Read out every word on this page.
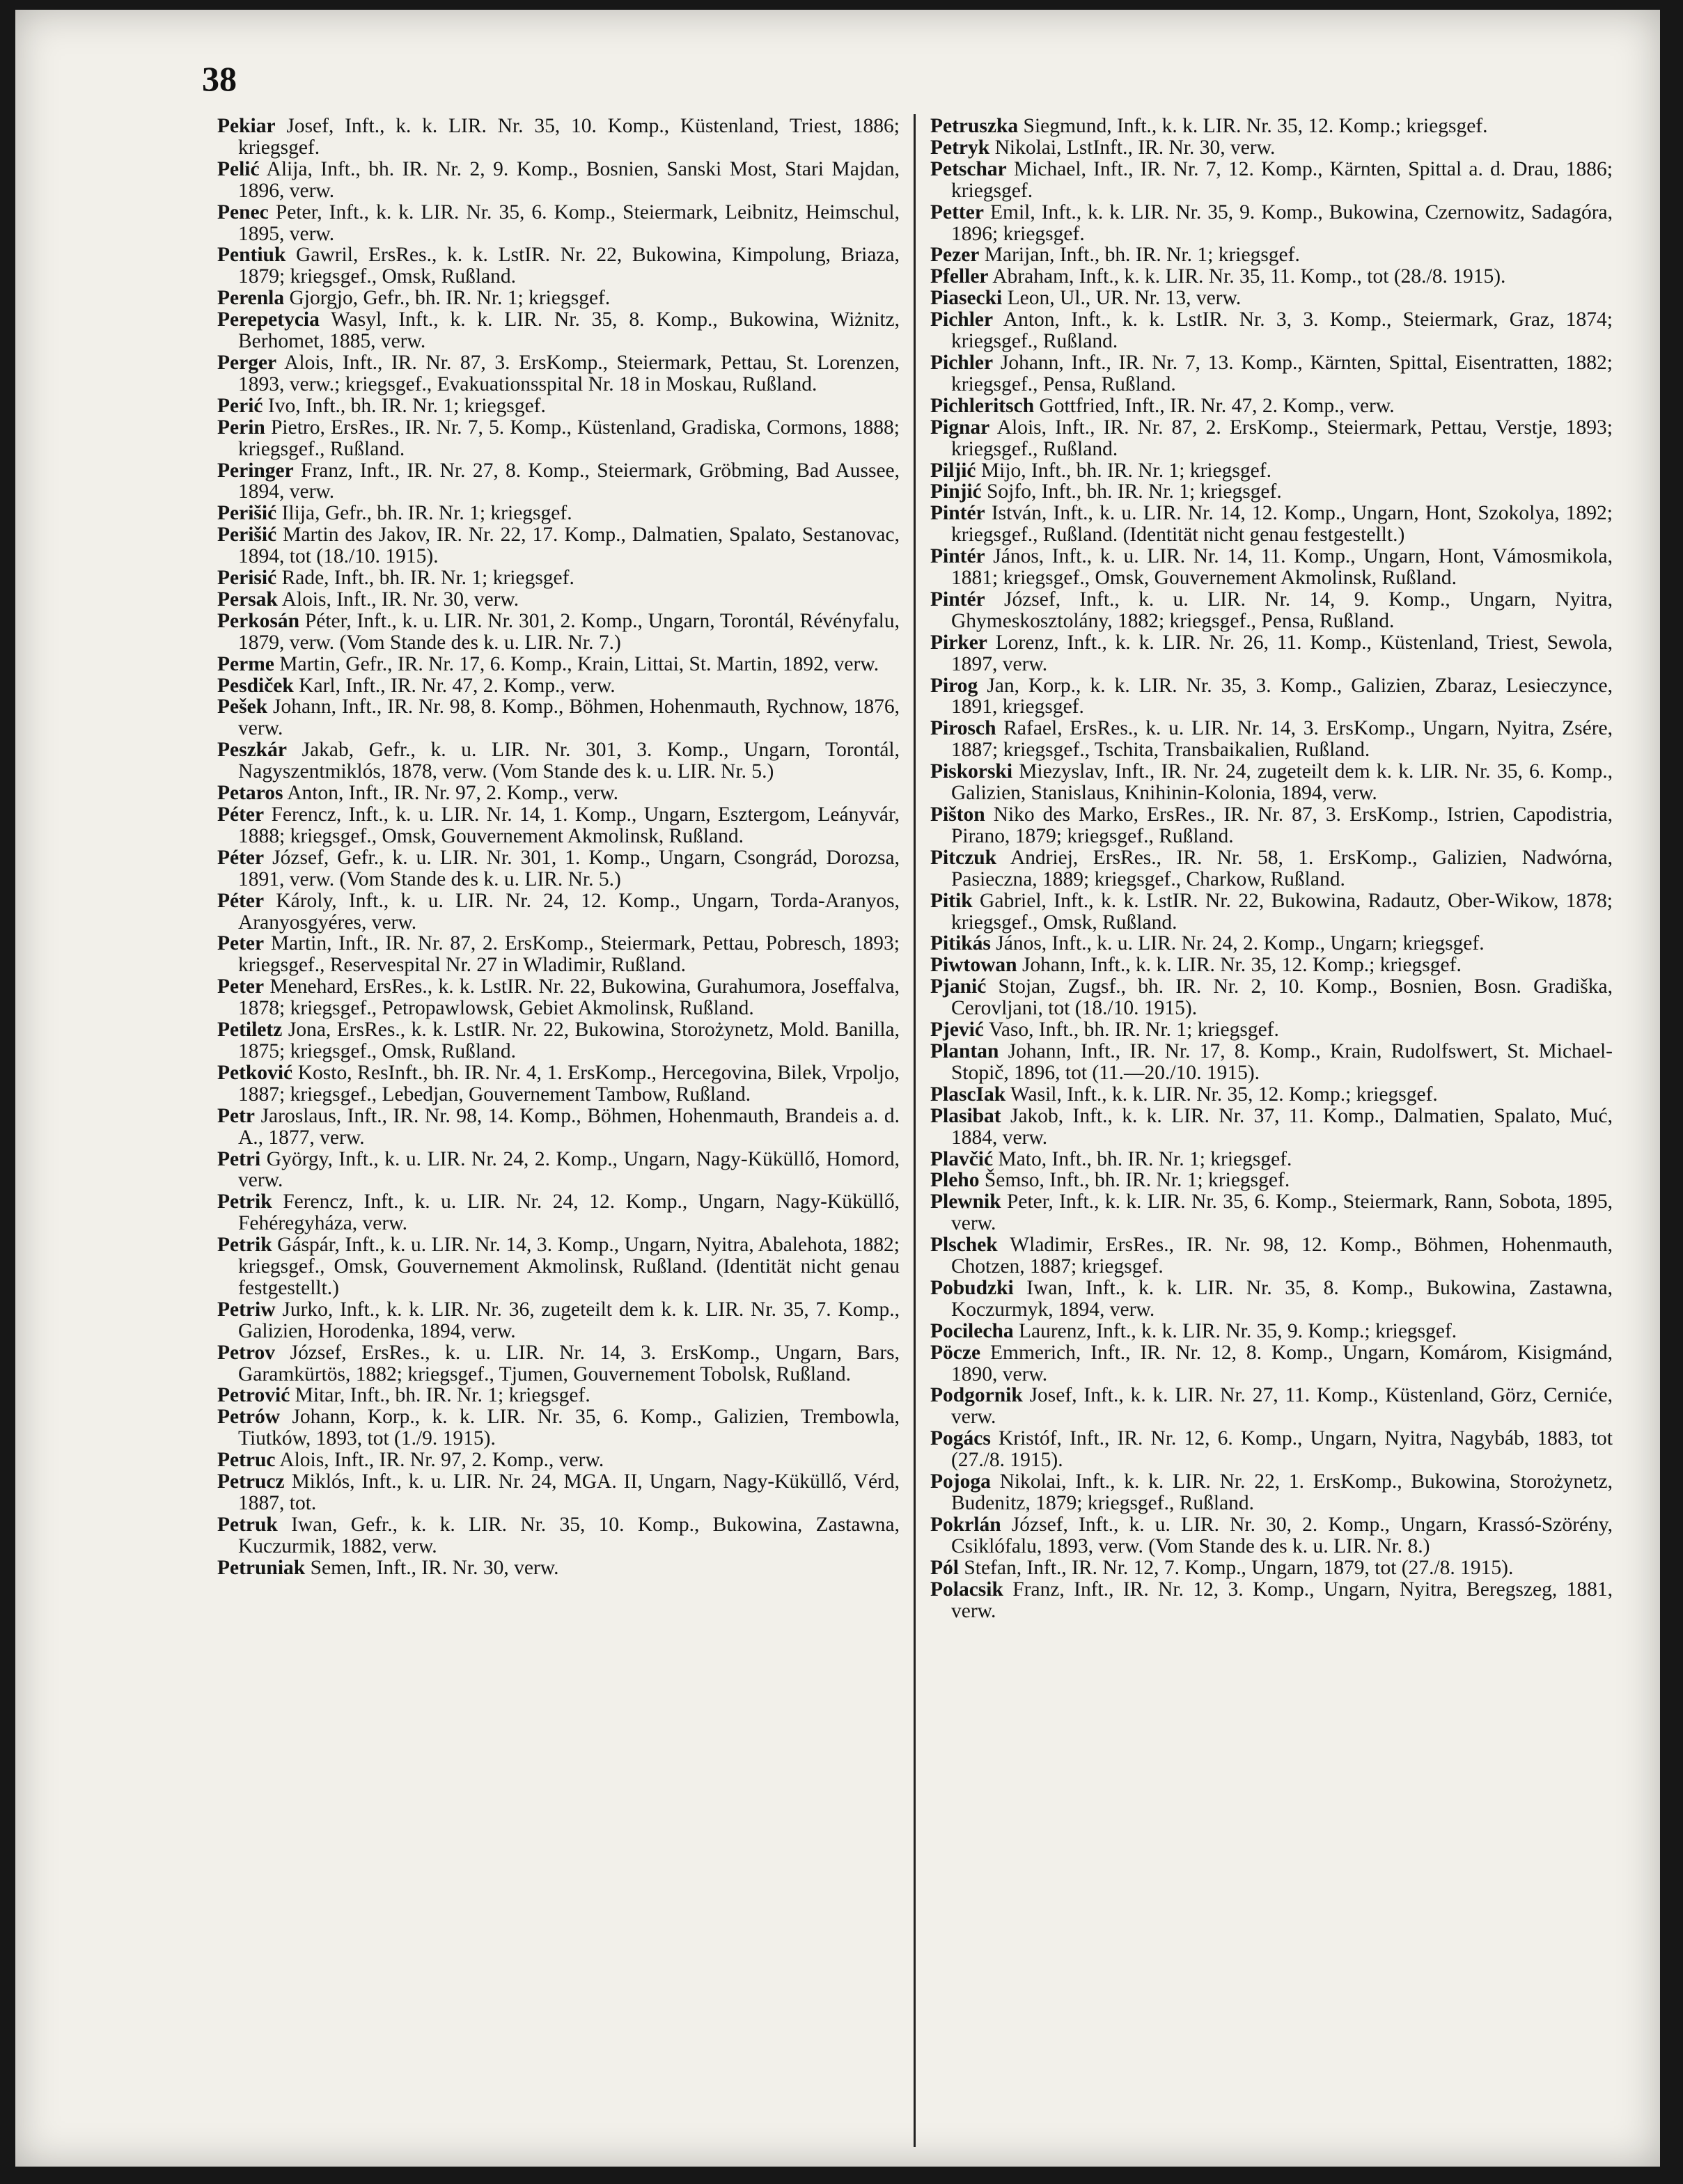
38

Pekiar Josef, Inft., k. k. LIR. Nr. 35, 10. Komp., Küstenland, Triest, 1886; kriegsgef.

Pelić Alija, Inft., bh. IR. Nr. 2, 9. Komp., Bosnien, Sanski Most, Stari Majdan, 1896, verw.

Penec Peter, Inft., k. k. LIR. Nr. 35, 6. Komp., Steiermark, Leibnitz, Heimschul, 1895, verw.

Pentiuk Gawril, ErsRes., k. k. LstIR. Nr. 22, Bukowina, Kimpolung, Briaza, 1879; kriegsgef., Omsk, Rußland.

Perenla Gjorgjo, Gefr., bh. IR. Nr. 1; kriegsgef.

Perepetycia Wasyl, Inft., k. k. LIR. Nr. 35, 8. Komp., Bukowina, Wiżnitz, Berhomet, 1885, verw.

Perger Alois, Inft., IR. Nr. 87, 3. ErsKomp., Steiermark, Pettau, St. Lorenzen, 1893, verw.; kriegsgef., Evakuationsspital Nr. 18 in Moskau, Rußland.

Perić Ivo, Inft., bh. IR. Nr. 1; kriegsgef.

Perin Pietro, ErsRes., IR. Nr. 7, 5. Komp., Küstenland, Gradiska, Cormons, 1888; kriegsgef., Rußland.

Peringer Franz, Inft., IR. Nr. 27, 8. Komp., Steiermark, Gröbming, Bad Aussee, 1894, verw.

Perišić Ilija, Gefr., bh. IR. Nr. 1; kriegsgef.

Perišić Martin des Jakov, IR. Nr. 22, 17. Komp., Dalmatien, Spalato, Sestanovac, 1894, tot (18./10. 1915).

Perisić Rade, Inft., bh. IR. Nr. 1; kriegsgef.

Persak Alois, Inft., IR. Nr. 30, verw.

Perkosán Péter, Inft., k. u. LIR. Nr. 301, 2. Komp., Ungarn, Torontál, Révényfalu, 1879, verw. (Vom Stande des k. u. LIR. Nr. 7.)

Perme Martin, Gefr., IR. Nr. 17, 6. Komp., Krain, Littai, St. Martin, 1892, verw.

Pesdiček Karl, Inft., IR. Nr. 47, 2. Komp., verw.

Pešek Johann, Inft., IR. Nr. 98, 8. Komp., Böhmen, Hohenmauth, Rychnow, 1876, verw.

Peszkár Jakab, Gefr., k. u. LIR. Nr. 301, 3. Komp., Ungarn, Torontál, Nagyszentmiklós, 1878, verw. (Vom Stande des k. u. LIR. Nr. 5.)

Petaros Anton, Inft., IR. Nr. 97, 2. Komp., verw.

Péter Ferencz, Inft., k. u. LIR. Nr. 14, 1. Komp., Ungarn, Esztergom, Leányvár, 1888; kriegsgef., Omsk, Gouvernement Akmolinsk, Rußland.

Péter József, Gefr., k. u. LIR. Nr. 301, 1. Komp., Ungarn, Csongrád, Dorozsa, 1891, verw. (Vom Stande des k. u. LIR. Nr. 5.)

Péter Károly, Inft., k. u. LIR. Nr. 24, 12. Komp., Ungarn, Torda-Aranyos, Aranyosgyéres, verw.

Peter Martin, Inft., IR. Nr. 87, 2. ErsKomp., Steiermark, Pettau, Pobresch, 1893; kriegsgef., Reservespital Nr. 27 in Wladimir, Rußland.

Peter Menehard, ErsRes., k. k. LstIR. Nr. 22, Bukowina, Gurahumora, Joseffalva, 1878; kriegsgef., Petropawlowsk, Gebiet Akmolinsk, Rußland.

Petiletz Jona, ErsRes., k. k. LstIR. Nr. 22, Bukowina, Storożynetz, Mold. Banilla, 1875; kriegsgef., Omsk, Rußland.

Petković Kosto, ResInft., bh. IR. Nr. 4, 1. ErsKomp., Hercegovina, Bilek, Vrpoljo, 1887; kriegsgef., Lebedjan, Gouvernement Tambow, Rußland.

Petr Jaroslaus, Inft., IR. Nr. 98, 14. Komp., Böhmen, Hohenmauth, Brandeis a. d. A., 1877, verw.

Petri György, Inft., k. u. LIR. Nr. 24, 2. Komp., Ungarn, Nagy-Küküllő, Homord, verw.

Petrik Ferencz, Inft., k. u. LIR. Nr. 24, 12. Komp., Ungarn, Nagy-Küküllő, Fehéregyháza, verw.

Petrik Gáspár, Inft., k. u. LIR. Nr. 14, 3. Komp., Ungarn, Nyitra, Abalehota, 1882; kriegsgef., Omsk, Gouvernement Akmolinsk, Rußland. (Identität nicht genau festgestellt.)

Petriw Jurko, Inft., k. k. LIR. Nr. 36, zugeteilt dem k. k. LIR. Nr. 35, 7. Komp., Galizien, Horodenka, 1894, verw.

Petrov József, ErsRes., k. u. LIR. Nr. 14, 3. ErsKomp., Ungarn, Bars, Garamkürtös, 1882; kriegsgef., Tjumen, Gouvernement Tobolsk, Rußland.

Petrović Mitar, Inft., bh. IR. Nr. 1; kriegsgef.

Petrów Johann, Korp., k. k. LIR. Nr. 35, 6. Komp., Galizien, Trembowla, Tiutków, 1893, tot (1./9. 1915).

Petruc Alois, Inft., IR. Nr. 97, 2. Komp., verw.

Petrucz Miklós, Inft., k. u. LIR. Nr. 24, MGA. II, Ungarn, Nagy-Küküllő, Vérd, 1887, tot.

Petruk Iwan, Gefr., k. k. LIR. Nr. 35, 10. Komp., Bukowina, Zastawna, Kuczurmik, 1882, verw.

Petruniak Semen, Inft., IR. Nr. 30, verw.

Petruszka Siegmund, Inft., k. k. LIR. Nr. 35, 12. Komp.; kriegsgef.

Petryk Nikolai, LstInft., IR. Nr. 30, verw.

Petschar Michael, Inft., IR. Nr. 7, 12. Komp., Kärnten, Spittal a. d. Drau, 1886; kriegsgef.

Petter Emil, Inft., k. k. LIR. Nr. 35, 9. Komp., Bukowina, Czernowitz, Sadagóra, 1896; kriegsgef.

Pezer Marijan, Inft., bh. IR. Nr. 1; kriegsgef.

Pfeller Abraham, Inft., k. k. LIR. Nr. 35, 11. Komp., tot (28./8. 1915).

Piasecki Leon, Ul., UR. Nr. 13, verw.

Pichler Anton, Inft., k. k. LstIR. Nr. 3, 3. Komp., Steiermark, Graz, 1874; kriegsgef., Rußland.

Pichler Johann, Inft., IR. Nr. 7, 13. Komp., Kärnten, Spittal, Eisentratten, 1882; kriegsgef., Pensa, Rußland.

Pichleritsch Gottfried, Inft., IR. Nr. 47, 2. Komp., verw.

Pignar Alois, Inft., IR. Nr. 87, 2. ErsKomp., Steiermark, Pettau, Verstje, 1893; kriegsgef., Rußland.

Piljić Mijo, Inft., bh. IR. Nr. 1; kriegsgef.

Pinjić Sojfo, Inft., bh. IR. Nr. 1; kriegsgef.

Pintér István, Inft., k. u. LIR. Nr. 14, 12. Komp., Ungarn, Hont, Szokolya, 1892; kriegsgef., Rußland. (Identität nicht genau festgestellt.)

Pintér János, Inft., k. u. LIR. Nr. 14, 11. Komp., Ungarn, Hont, Vámosmikola, 1881; kriegsgef., Omsk, Gouvernement Akmolinsk, Rußland.

Pintér József, Inft., k. u. LIR. Nr. 14, 9. Komp., Ungarn, Nyitra, Ghymeskosztolány, 1882; kriegsgef., Pensa, Rußland.

Pirker Lorenz, Inft., k. k. LIR. Nr. 26, 11. Komp., Küstenland, Triest, Sewola, 1897, verw.

Pirog Jan, Korp., k. k. LIR. Nr. 35, 3. Komp., Galizien, Zbaraz, Lesieczynce, 1891, kriegsgef.

Pirosch Rafael, ErsRes., k. u. LIR. Nr. 14, 3. ErsKomp., Ungarn, Nyitra, Zsére, 1887; kriegsgef., Tschita, Transbaikalien, Rußland.

Piskorski Miezyslav, Inft., IR. Nr. 24, zugeteilt dem k. k. LIR. Nr. 35, 6. Komp., Galizien, Stanislaus, Knihinin-Kolonia, 1894, verw.

Pišton Niko des Marko, ErsRes., IR. Nr. 87, 3. ErsKomp., Istrien, Capodistria, Pirano, 1879; kriegsgef., Rußland.

Pitczuk Andriej, ErsRes., IR. Nr. 58, 1. ErsKomp., Galizien, Nadwórna, Pasieczna, 1889; kriegsgef., Charkow, Rußland.

Pitik Gabriel, Inft., k. k. LstIR. Nr. 22, Bukowina, Radautz, Ober-Wikow, 1878; kriegsgef., Omsk, Rußland.

Pitikás János, Inft., k. u. LIR. Nr. 24, 2. Komp., Ungarn; kriegsgef.

Piwtowan Johann, Inft., k. k. LIR. Nr. 35, 12. Komp.; kriegsgef.

Pjanić Stojan, Zugsf., bh. IR. Nr. 2, 10. Komp., Bosnien, Bosn. Gradiška, Cerovljani, tot (18./10. 1915).

Pjević Vaso, Inft., bh. IR. Nr. 1; kriegsgef.

Plantan Johann, Inft., IR. Nr. 17, 8. Komp., Krain, Rudolfswert, St. Michael-Stopič, 1896, tot (11.—20./10. 1915).

PlascIak Wasil, Inft., k. k. LIR. Nr. 35, 12. Komp.; kriegsgef.

Plasibat Jakob, Inft., k. k. LIR. Nr. 37, 11. Komp., Dalmatien, Spalato, Muć, 1884, verw.

Plavčić Mato, Inft., bh. IR. Nr. 1; kriegsgef.

Plehо Šemso, Inft., bh. IR. Nr. 1; kriegsgef.

Plewnik Peter, Inft., k. k. LIR. Nr. 35, 6. Komp., Steiermark, Rann, Sobota, 1895, verw.

Plschek Wladimir, ErsRes., IR. Nr. 98, 12. Komp., Böhmen, Hohenmauth, Chotzen, 1887; kriegsgef.

Pobudzki Iwan, Inft., k. k. LIR. Nr. 35, 8. Komp., Bukowina, Zastawna, Koczurmyk, 1894, verw.

Pocilecha Laurenz, Inft., k. k. LIR. Nr. 35, 9. Komp.; kriegsgef.

Pöcze Emmerich, Inft., IR. Nr. 12, 8. Komp., Ungarn, Komárom, Kisigmánd, 1890, verw.

Podgornik Josef, Inft., k. k. LIR. Nr. 27, 11. Komp., Küstenland, Görz, Cerniće, verw.

Pogács Kristóf, Inft., IR. Nr. 12, 6. Komp., Ungarn, Nyitra, Nagybáb, 1883, tot (27./8. 1915).

Pojoga Nikolai, Inft., k. k. LIR. Nr. 22, 1. ErsKomp., Bukowina, Storożynetz, Budenitz, 1879; kriegsgef., Rußland.

Pokrlán József, Inft., k. u. LIR. Nr. 30, 2. Komp., Ungarn, Krassó-Szörény, Csiklófalu, 1893, verw. (Vom Stande des k. u. LIR. Nr. 8.)

Pól Stefan, Inft., IR. Nr. 12, 7. Komp., Ungarn, 1879, tot (27./8. 1915).

Polacsik Franz, Inft., IR. Nr. 12, 3. Komp., Ungarn, Nyitra, Beregszeg, 1881, verw.
